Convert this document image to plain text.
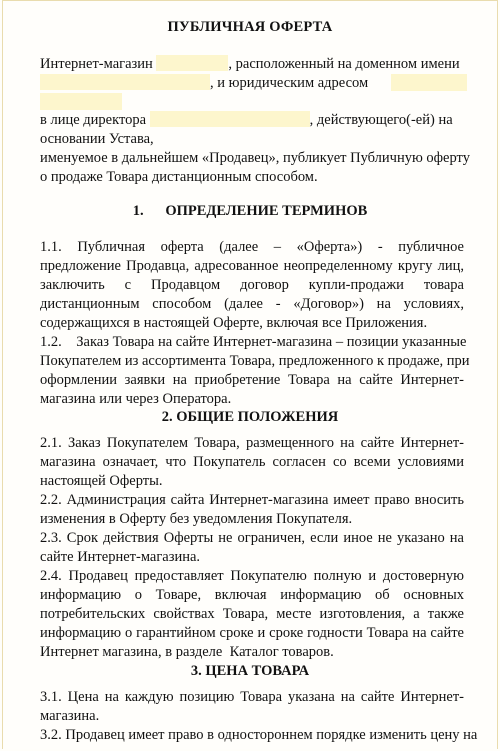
ПУБЛИЧНАЯ ОФЕРТА
Интернет-магазин	, расположенный на доменном имени
, и юридическим адресом
в лице директора	, действующего(-ей) на
основании Устава,
именуемое в дальнейшем «Продавец», публикует Публичную оферту
о продаже Товара дистанционным способом.
1.      ОПРЕДЕЛЕНИЕ ТЕРМИНОВ
1.1. Публичная оферта (далее – «Оферта») - публичное
предложение Продавца, адресованное неопределенному кругу лиц,
заключить с Продавцом договор купли-продажи товара
дистанционным способом (далее - «Договор») на условиях,
содержащихся в настоящей Оферте, включая все Приложения.
1.2.    Заказ Товара на сайте Интернет-магазина – позиции указанные
Покупателем из ассортимента Товара, предложенного к продаже, при
оформлении заявки на приобретение Товара на сайте Интернет-
магазина или через Оператора.
2. ОБЩИЕ ПОЛОЖЕНИЯ
2.1. Заказ Покупателем Товара, размещенного на сайте Интернет-
магазина означает, что Покупатель согласен со всеми условиями
настоящей Оферты.
2.2. Администрация сайта Интернет-магазина имеет право вносить
изменения в Оферту без уведомления Покупателя.
2.3. Срок действия Оферты не ограничен, если иное не указано на
сайте Интернет-магазина.
2.4. Продавец предоставляет Покупателю полную и достоверную
информацию о Товаре, включая информацию об основных
потребительских свойствах Товара, месте изготовления, а также
информацию о гарантийном сроке и сроке годности Товара на сайте
Интернет магазина, в разделе  Каталог товаров.
3. ЦЕНА ТОВАРА
3.1. Цена на каждую позицию Товара указана на сайте Интернет-
магазина.
3.2. Продавец имеет право в одностороннем порядке изменить цену на
